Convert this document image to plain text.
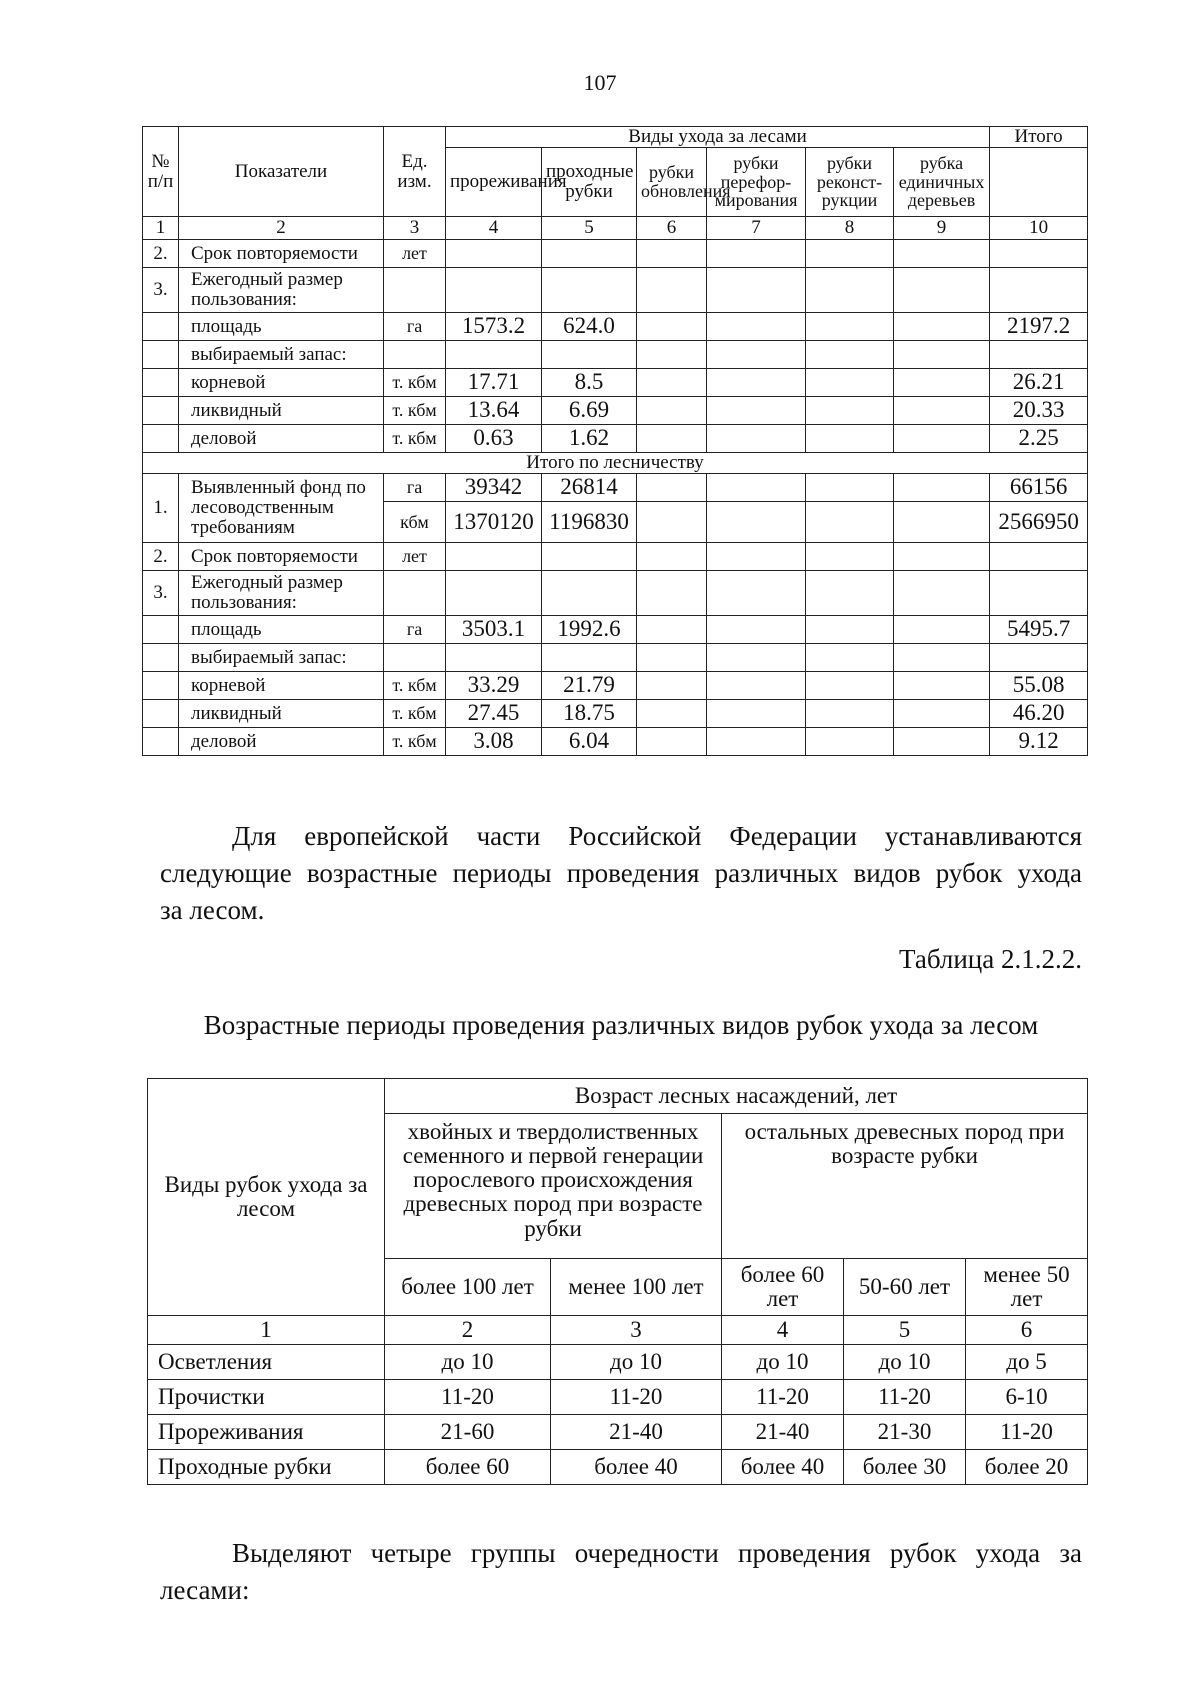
107
№ п/п	Показатели	Ед. изм.	Виды ухода за лесами						Итого
			прореживания	проходные рубки	рубки обновления	рубки перефор-мирования	рубки реконст-рукции	рубка единичных деревьев	
1	2	3	4	5	6	7	8	9	10
2.	Срок повторяемости	лет							
3.	Ежегодный размер пользования:								
	площадь	га	1573.2	624.0					2197.2
	выбираемый запас:								
	корневой	т. кбм	17.71	8.5					26.21
	ликвидный	т. кбм	13.64	6.69					20.33
	деловой	т. кбм	0.63	1.62					2.25
Итого по лесничеству									
1.	Выявленный фонд по лесоводственным требованиям	га	39342	26814					66156
		кбм	1370120	1196830					2566950
2.	Срок повторяемости	лет							
3.	Ежегодный размер пользования:								
	площадь	га	3503.1	1992.6					5495.7
	выбираемый запас:								
	корневой	т. кбм	33.29	21.79					55.08
	ликвидный	т. кбм	27.45	18.75					46.20
	деловой	т. кбм	3.08	6.04					9.12
Для европейской части Российской Федерации устанавливаются
следующие возрастные периоды проведения различных видов рубок ухода
за лесом.
Таблица 2.1.2.2.
Возрастные периоды проведения различных видов рубок ухода за лесом
Виды рубок ухода за лесом	Возраст лесных насаждений, лет				
	хвойных и твердолиственных семенного и первой генерации порослевого происхождения древесных пород при возрасте рубки		остальных древесных пород при возрасте рубки		
	более 100 лет	менее 100 лет	более 60 лет	50-60 лет	менее 50 лет
1	2	3	4	5	6
Осветления	до 10	до 10	до 10	до 10	до 5
Прочистки	11-20	11-20	11-20	11-20	6-10
Прореживания	21-60	21-40	21-40	21-30	11-20
Проходные рубки	более 60	более 40	более 40	более 30	более 20
Выделяют четыре группы очередности проведения рубок ухода за
лесами:
